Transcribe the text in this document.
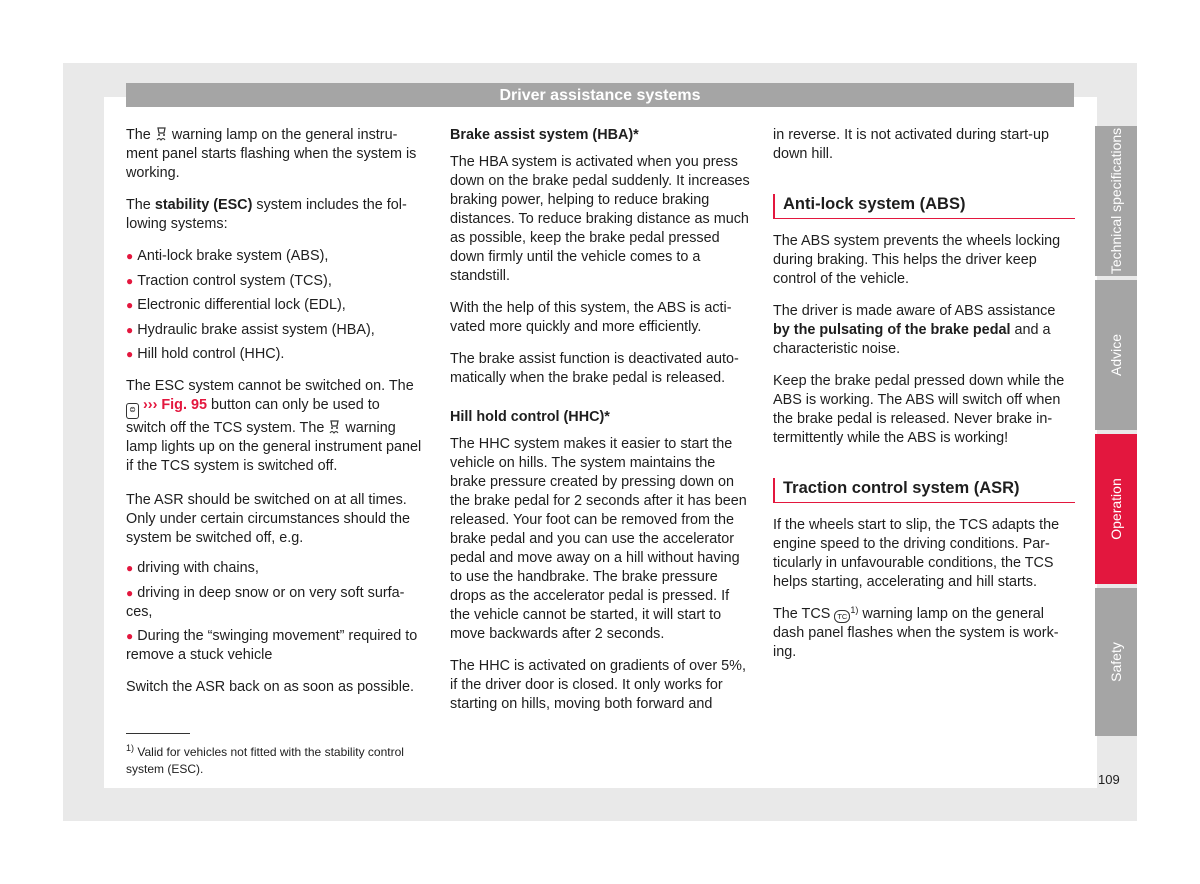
Driver assistance systems

The warning lamp on the general instrument panel starts flashing when the system is working.

The stability (ESC) system includes the following systems:

● Anti-lock brake system (ABS),
● Traction control system (TCS),
● Electronic differential lock (EDL),
● Hydraulic brake assist system (HBA),
● Hill hold control (HHC).

The ESC system cannot be switched on. The ⊜ ››› Fig. 95 button can only be used to switch off the TCS system. The warning lamp lights up on the general instrument panel if the TCS system is switched off.

The ASR should be switched on at all times. Only under certain circumstances should the system be switched off, e.g.

● driving with chains,
● driving in deep snow or on very soft surfaces,
● During the “swinging movement” required to remove a stuck vehicle

Switch the ASR back on as soon as possible.

$^{1)}$ Valid for vehicles not fitted with the stability control system (ESC).
Brake assist system (HBA)*

The HBA system is activated when you press down on the brake pedal suddenly. It increases braking power, helping to reduce braking distances. To reduce braking distance as much as possible, keep the brake pedal pressed down firmly until the vehicle comes to a standstill.

With the help of this system, the ABS is activated more quickly and more efficiently.

The brake assist function is deactivated automatically when the brake pedal is released.

Hill hold control (HHC)*

The HHC system makes it easier to start the vehicle on hills. The system maintains the brake pressure created by pressing down on the brake pedal for 2 seconds after it has been released. Your foot can be removed from the brake pedal and you can use the accelerator pedal and move away on a hill without having to use the handbrake. The brake pressure drops as the accelerator pedal is pressed. If the vehicle cannot be started, it will start to move backwards after 2 seconds.

The HHC is activated on gradients of over 5%, if the driver door is closed. It only works for starting on hills, moving both forward and

in reverse. It is not activated during start-up down hill.

Anti-lock system (ABS)

The ABS system prevents the wheels locking during braking. This helps the driver keep control of the vehicle.

The driver is made aware of ABS assistance by the pulsating of the brake pedal and a characteristic noise.

Keep the brake pedal pressed down while the ABS is working. The ABS will switch off when the brake pedal is released. Never brake intermittently while the ABS is working!

Traction control system (ASR)

If the wheels start to slip, the TCS adapts the engine speed to the driving conditions. Particularly in unfavourable conditions, the TCS helps starting, accelerating and hill starts.

The TCS TC$^{1)}$ warning lamp on the general dash panel flashes when the system is working.

Technical specifications
Advice
Operation
Safety
109
